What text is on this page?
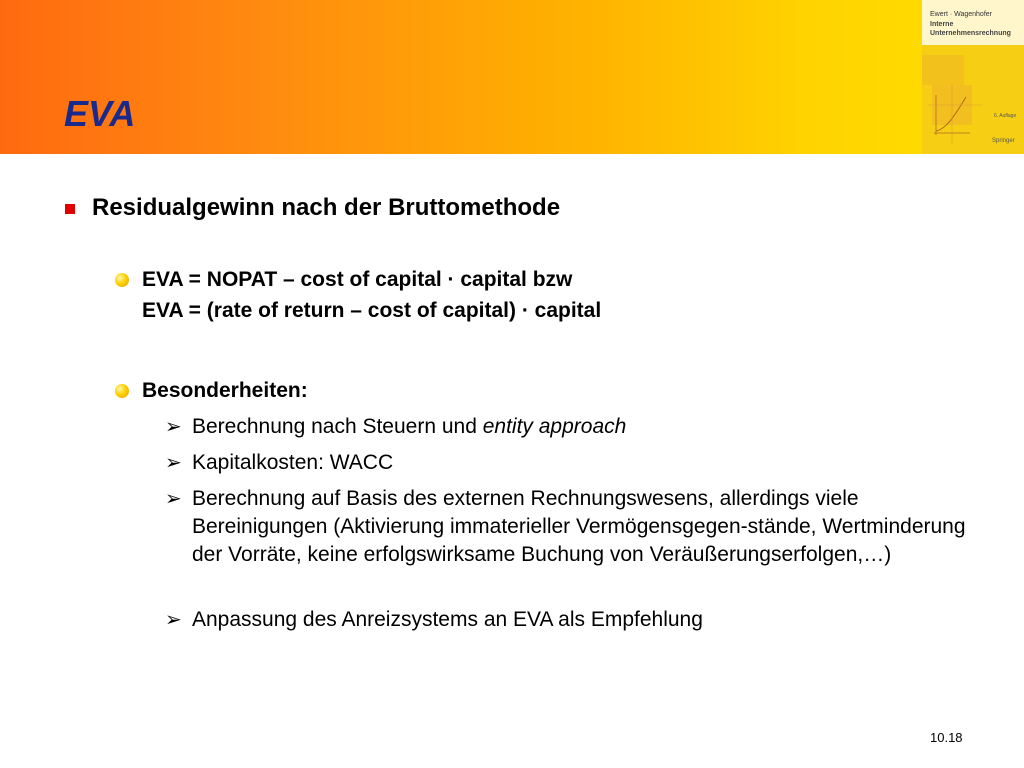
EVA
Ewert · Wagenhofer
Interne
Unternehmensrechnung
6. Auflage
Springer
Residualgewinn nach der Bruttomethode
EVA = NOPAT – cost of capital · capital bzw
EVA = (rate of return – cost of capital) · capital
Besonderheiten:
➢ Berechnung nach Steuern und entity approach
➢ Kapitalkosten: WACC
➢ Berechnung auf Basis des externen Rechnungswesens, allerdings viele Bereinigungen (Aktivierung immaterieller Vermögensgegen-stände, Wertminderung der Vorräte, keine erfolgswirksame Buchung von Veräußerungserfolgen,…)
➢ Anpassung des Anreizsystems an EVA als Empfehlung
10.18
